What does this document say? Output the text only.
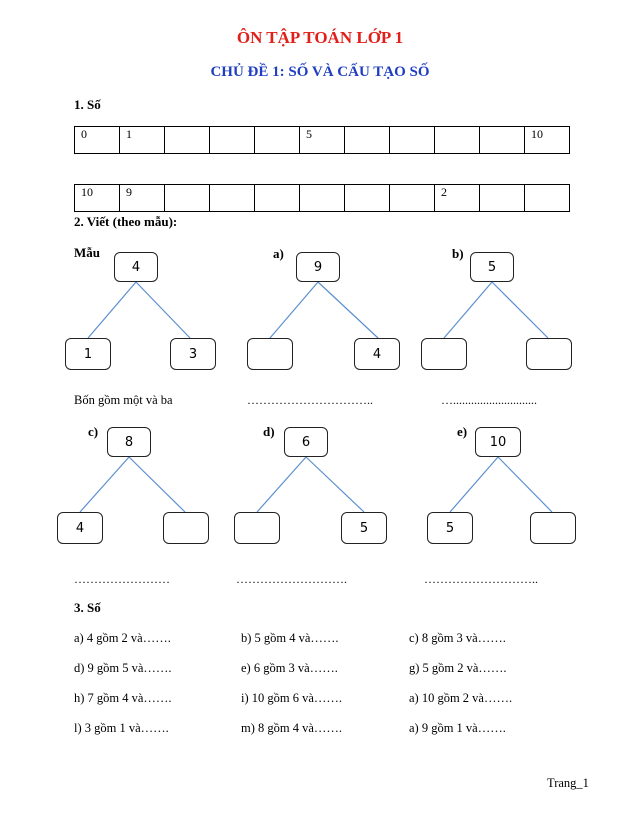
ÔN TẬP TOÁN LỚP 1
CHỦ ĐỀ 1: SỐ VÀ CẤU TẠO SỐ
1. Số
0	1				5					10
10	9							2		
2. Viết (theo mẫu):
Mẫu
4
1	3
a)
9
4
b)
5
Bốn gồm một và ba	…………………………..	…............................
c)
8
4
d)
6
5
e)
10
5
……………………	……………………….	………………………..
3. Số
a) 4 gồm 2 và…….	b) 5 gồm 4 và…….	c) 8 gồm 3 và…….
d) 9 gồm 5 và…….	e) 6 gồm 3 và…….	g) 5 gồm 2 và…….
h) 7 gồm 4 và…….	i) 10 gồm 6 và…….	a) 10 gồm 2 và…….
l) 3 gồm 1 và…….	m) 8 gồm 4 và…….	a) 9 gồm 1 và…….
Trang_1
